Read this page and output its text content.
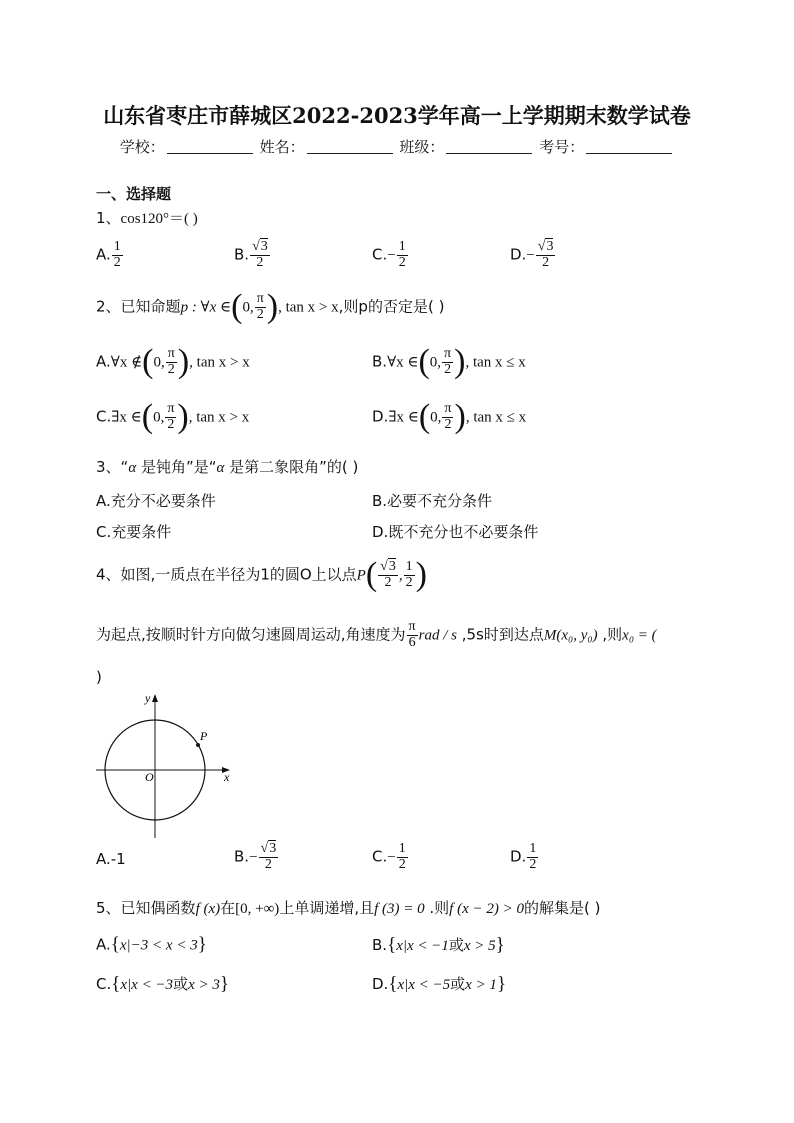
山东省枣庄市薛城区2022-2023学年高一上学期期末数学试卷
学校：	姓名：	班级：	考号：
一、选择题
1、cos120°＝( )
A. $\frac{1}{2}$	B. $\frac{√3}{2}$	$C.- \frac{1}{2}$	$D.- \frac{√3}{2}$
2、已知命题p : ∀x ∈(0, $\frac{\pi}{2}$ ), tan x > x,则p的否定是( )
A.∀x ∉(0, $\frac{\pi}{2}$ ), tan x > x	B.∀x ∈(0, $\frac{\pi}{2}$ ), tan x ≤ x
C.∃x ∈(0, $\frac{\pi}{2}$ ), tan x > x	D.∃x ∈(0, $\frac{\pi}{2}$ ), tan x ≤ x
3、“α 是钝角”是“α 是第二象限角”的( )
A.充分不必要条件	B.必要不充分条件
C.充要条件	D.既不充分也不必要条件
4、如图,一质点在半径为1的圆O上以点$P( \frac{√3}{2}$ , $\frac{1}{2}$ )
为起点,按顺时针方向做匀速圆周运动,角速度为 $\frac{\pi}{6}$ rad / s ,5s时到达点M(x₀, y₀) ,则x₀ = (
)
x
y
O
P
A.-1	$B.- \frac{√3}{2}$	$C.- \frac{1}{2}$	D. $\frac{1}{2}$
5、已知偶函数f (x)在[0, +∞)上单调递增,且f (3) = 0 .则f (x − 2) > 0的解集是( )
A.{x|−3 < x < 3}	B.{x|x < −1或x > 5}
C.{x|x < −3或x > 3}	D.{x|x < −5或x > 1}
